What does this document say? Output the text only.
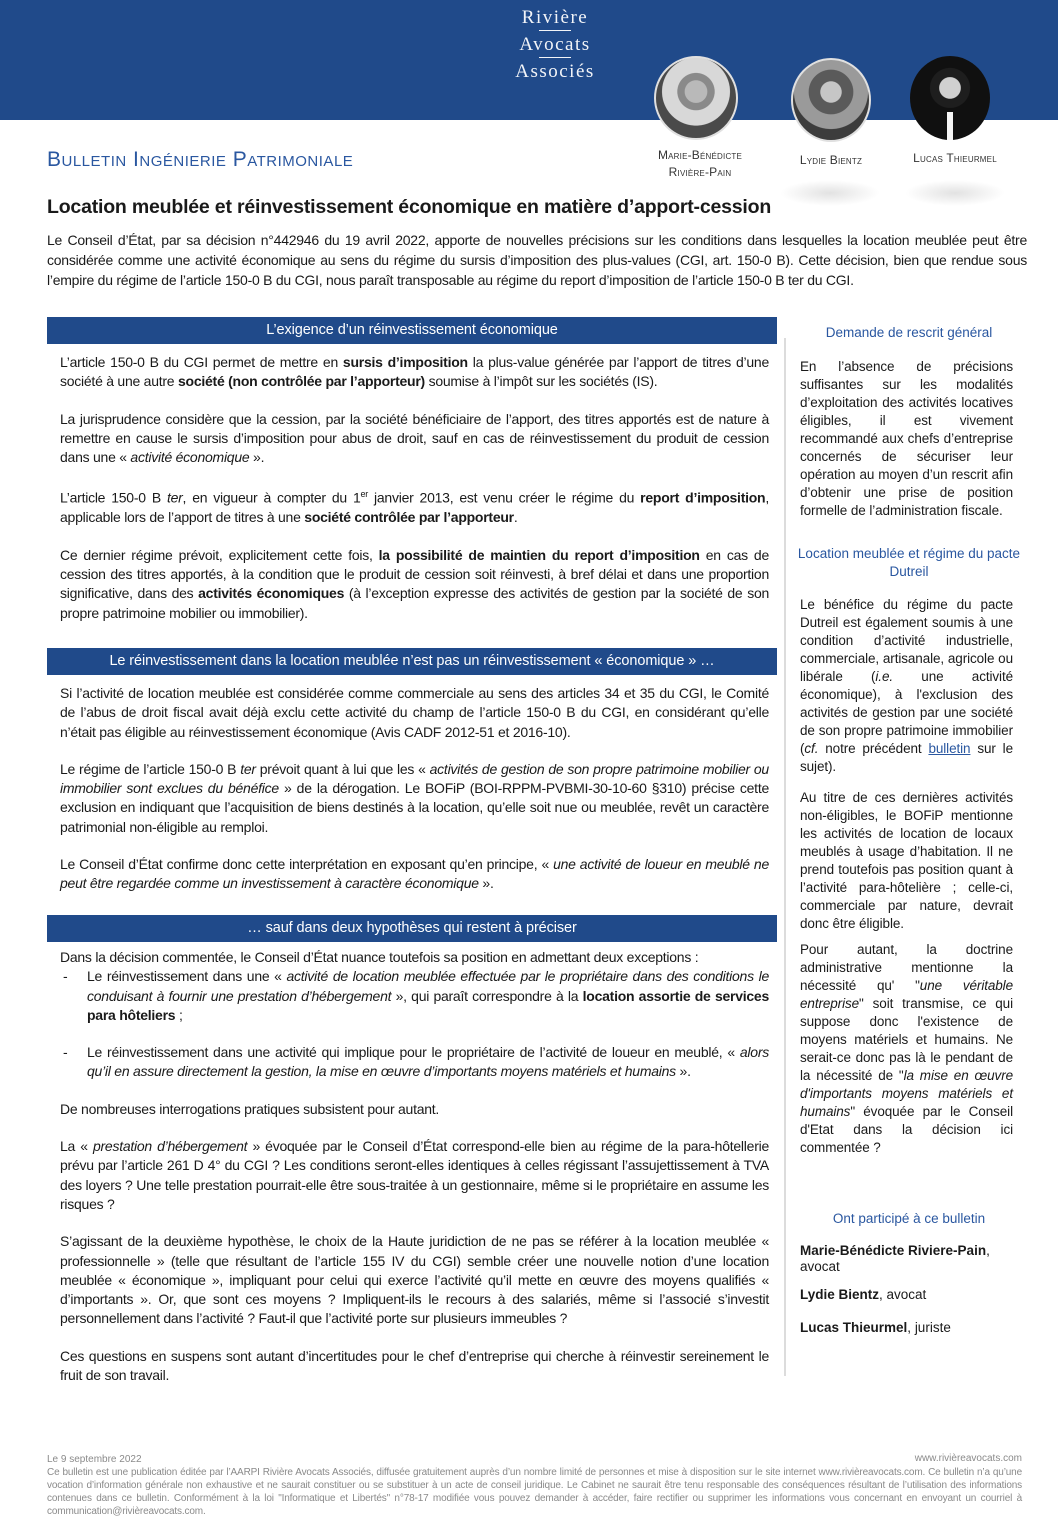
Rivière
Avocats
Associés
Marie-Bénédicte
Rivière-Pain
Lydie Bientz	Lucas Thieurmel
Bulletin Ingénierie Patrimoniale
Location meublée et réinvestissement économique en matière d’apport-cession

Le Conseil d’État, par sa décision n°442946 du 19 avril 2022, apporte de nouvelles précisions sur les conditions dans lesquelles la location meublée peut être considérée comme une activité économique au sens du régime du sursis d’imposition des plus-values (CGI, art. 150-0 B). Cette décision, bien que rendue sous l’empire du régime de l’article 150-0 B du CGI, nous paraît transposable au régime du report d’imposition de l’article 150-0 B ter du CGI.

L’exigence d’un réinvestissement économique

L’article 150-0 B du CGI permet de mettre en sursis d’imposition la plus-value générée par l’apport de titres d’une société à une autre société (non contrôlée par l’apporteur) soumise à l’impôt sur les sociétés (IS).

La jurisprudence considère que la cession, par la société bénéficiaire de l’apport, des titres apportés est de nature à remettre en cause le sursis d’imposition pour abus de droit, sauf en cas de réinvestissement du produit de cession dans une « activité économique ».

L’article 150-0 B ter, en vigueur à compter du 1er janvier 2013, est venu créer le régime du report d’imposition, applicable lors de l’apport de titres à une société contrôlée par l’apporteur.

Ce dernier régime prévoit, explicitement cette fois, la possibilité de maintien du report d’imposition en cas de cession des titres apportés, à la condition que le produit de cession soit réinvesti, à bref délai et dans une proportion significative, dans des activités économiques (à l’exception expresse des activités de gestion par la société de son propre patrimoine mobilier ou immobilier).

Le réinvestissement dans la location meublée n’est pas un réinvestissement « économique » …

Si l’activité de location meublée est considérée comme commerciale au sens des articles 34 et 35 du CGI, le Comité de l’abus de droit fiscal avait déjà exclu cette activité du champ de l’article 150-0 B du CGI, en considérant qu’elle n’était pas éligible au réinvestissement économique (Avis CADF 2012-51 et 2016-10).

Le régime de l’article 150-0 B ter prévoit quant à lui que les « activités de gestion de son propre patrimoine mobilier ou immobilier sont exclues du bénéfice » de la dérogation. Le BOFiP (BOI-RPPM-PVBMI-30-10-60 §310) précise cette exclusion en indiquant que l’acquisition de biens destinés à la location, qu’elle soit nue ou meublée, revêt un caractère patrimonial non-éligible au remploi.

Le Conseil d’État confirme donc cette interprétation en exposant qu’en principe, « une activité de loueur en meublé ne peut être regardée comme un investissement à caractère économique ».

… sauf dans deux hypothèses qui restent à préciser

Dans la décision commentée, le Conseil d’État nuance toutefois sa position en admettant deux exceptions :

-	Le réinvestissement dans une « activité de location meublée effectuée par le propriétaire dans des conditions le conduisant à fournir une prestation d’hébergement », qui paraît correspondre à la location assortie de services para hôteliers ;
-	Le réinvestissement dans une activité qui implique pour le propriétaire de l’activité de loueur en meublé, « alors qu’il en assure directement la gestion, la mise en œuvre d’importants moyens matériels et humains ».

De nombreuses interrogations pratiques subsistent pour autant.

La « prestation d’hébergement » évoquée par le Conseil d’État correspond-elle bien au régime de la para-hôtellerie prévu par l’article 261 D 4° du CGI ? Les conditions seront-elles identiques à celles régissant l’assujettissement à TVA des loyers ? Une telle prestation pourrait-elle être sous-traitée à un gestionnaire, même si le propriétaire en assume les risques ?

S’agissant de la deuxième hypothèse, le choix de la Haute juridiction de ne pas se référer à la location meublée « professionnelle » (telle que résultant de l’article 155 IV du CGI) semble créer une nouvelle notion d’une location meublée « économique », impliquant pour celui qui exerce l’activité qu’il mette en œuvre des moyens qualifiés « d’importants ». Or, que sont ces moyens ? Impliquent-ils le recours à des salariés, même si l’associé s’investit personnellement dans l’activité ? Faut-il que l’activité porte sur plusieurs immeubles ?

Ces questions en suspens sont autant d’incertitudes pour le chef d’entreprise qui cherche à réinvestir sereinement le fruit de son travail.

Demande de rescrit général

En l’absence de précisions suffisantes sur les modalités d’exploitation des activités locatives éligibles, il est vivement recommandé aux chefs d’entreprise concernés de sécuriser leur opération au moyen d’un rescrit afin d’obtenir une prise de position formelle de l’administration fiscale.

Location meublée et régime du pacte Dutreil

Le bénéfice du régime du pacte Dutreil est également soumis à une condition d’activité industrielle, commerciale, artisanale, agricole ou libérale (i.e. une activité économique), à l'exclusion des activités de gestion par une société de son propre patrimoine immobilier (cf. notre précédent bulletin sur le sujet).

Au titre de ces dernières activités non-éligibles, le BOFiP mentionne les activités de location de locaux meublés à usage d’habitation. Il ne prend toutefois pas position quant à l’activité para-hôtelière ; celle-ci, commerciale par nature, devrait donc être éligible.

Pour autant, la doctrine administrative mentionne la nécessité qu' "une véritable entreprise" soit transmise, ce qui suppose donc l'existence de moyens matériels et humains. Ne serait-ce donc pas là le pendant de la nécessité de "la mise en œuvre d'importants moyens matériels et humains" évoquée par le Conseil d'Etat dans la décision ici commentée ?

Ont participé à ce bulletin
Marie-Bénédicte Riviere-Pain,
avocat
Lydie Bientz, avocat
Lucas Thieurmel, juriste
Le 9 septembre 2022	www.rivièreavocats.com

Ce bulletin est une publication éditée par l’AARPI Rivière Avocats Associés, diffusée gratuitement auprès d’un nombre limité de personnes et mise à disposition sur le site internet www.rivièreavocats.com. Ce bulletin n’a qu’une vocation d’information générale non exhaustive et ne saurait constituer ou se substituer à un acte de conseil juridique. Le Cabinet ne saurait être tenu responsable des conséquences résultant de l’utilisation des informations contenues dans ce bulletin. Conformément à la loi "Informatique et Libertés" n°78-17 modifiée vous pouvez demander à accéder, faire rectifier ou supprimer les informations vous concernant en envoyant un courriel à communication@rivièreavocats.com.
